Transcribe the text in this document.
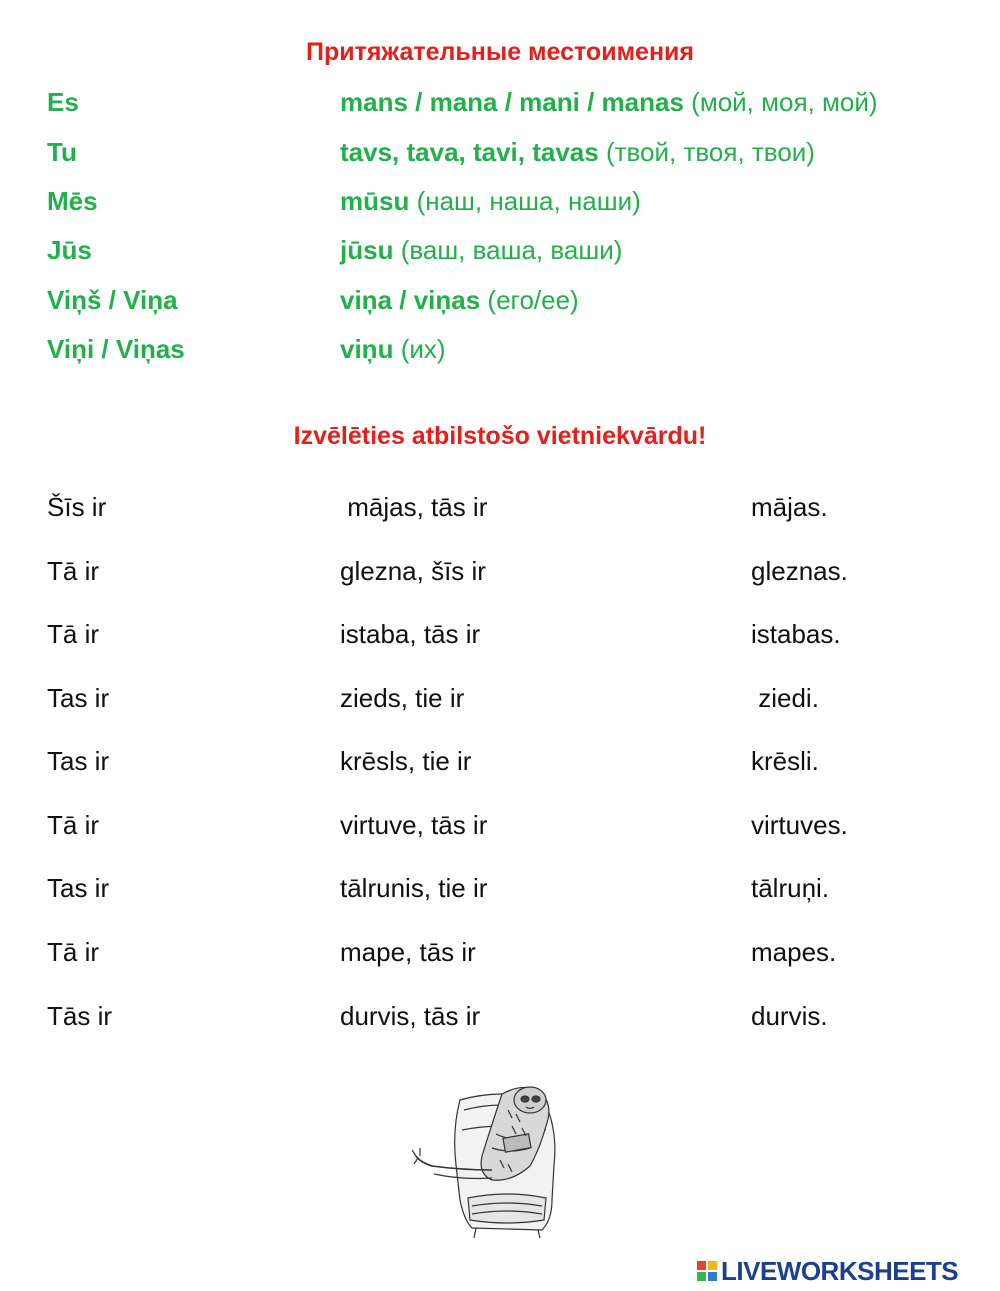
Притяжательные местоимения
Es	mans / mana / mani / manas (мой, моя, мой)
Tu	tavs, tava, tavi, tavas (твой, твоя, твои)
Mēs	mūsu (наш, наша, наши)
Jūs	jūsu (ваш, ваша, ваши)
Viņš / Viņa	viņa / viņas (его/ее)
Viņi / Viņas	viņu (их)
Izvēlēties atbilstošo vietniekvārdu!
Šīs ir	mājas, tās ir	mājas.
Tā ir	glezna, šīs ir	gleznas.
Tā ir	istaba, tās ir	istabas.
Tas ir	zieds, tie ir	ziedi.
Tas ir	krēsls, tie ir	krēsli.
Tā ir	virtuve, tās ir	virtuves.
Tas ir	tālrunis, tie ir	tālruņi.
Tā ir	mape, tās ir	mapes.
Tās ir	durvis, tās ir	durvis.
LIVEWORKSHEETS
